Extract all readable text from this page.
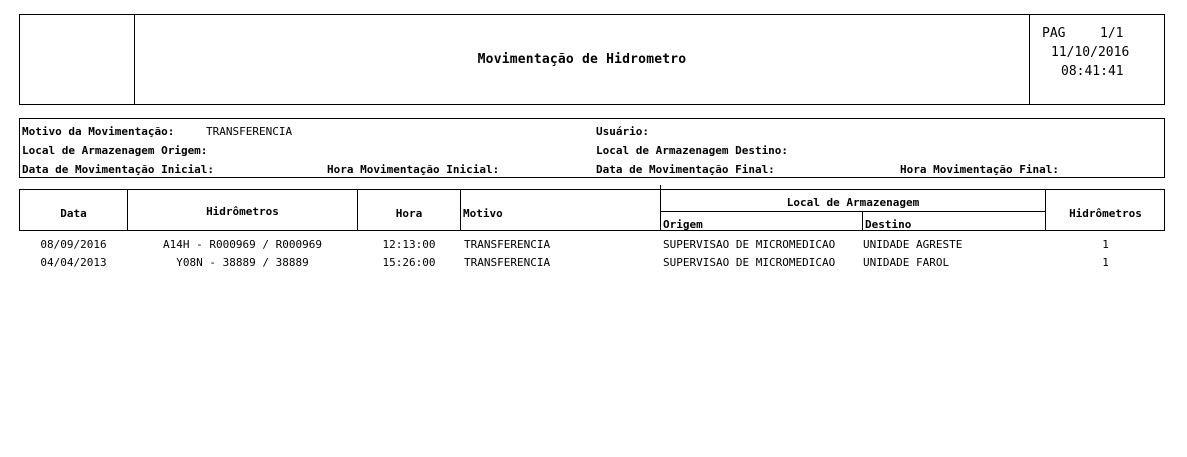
Movimentação de Hidrometro
PAG	1/1
11/10/2016
08:41:41
Motivo da Movimentação:	TRANSFERENCIA	Usuário:
Local de Armazenagem Origem:	Local de Armazenagem Destino:
Data de Movimentação Inicial:	Hora Movimentação Inicial:	Data de Movimentação Final:	Hora Movimentação Final:
Data	Hidrômetros	Hora	Motivo
Local de Armazenagem
Origem	Destino
Hidrômetros
08/09/2016	A14H - R000969 / R000969	12:13:00	TRANSFERENCIA	SUPERVISAO DE MICROMEDICAO	UNIDADE AGRESTE	1
04/04/2013	Y08N - 38889 / 38889	15:26:00	TRANSFERENCIA	SUPERVISAO DE MICROMEDICAO	UNIDADE FAROL	1
